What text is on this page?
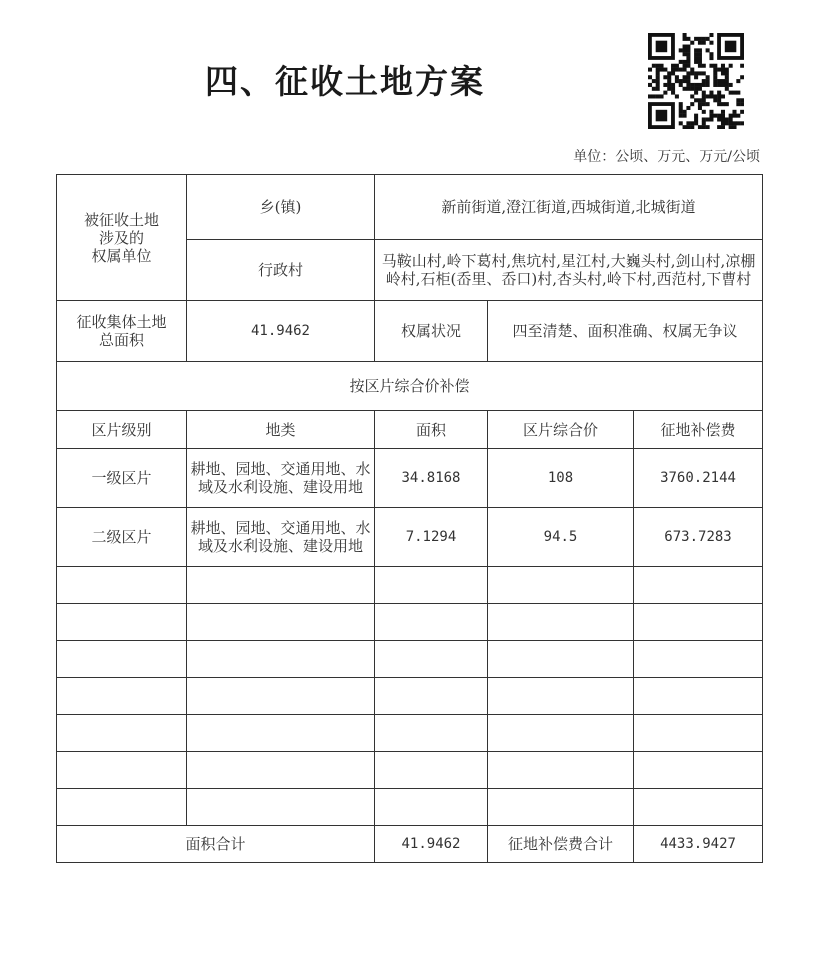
四、征收土地方案
单位：公顷、万元、万元/公顷
被征收土地
涉及的
权属单位	乡(镇)	新前街道,澄江街道,西城街道,北城街道		
	行政村	马鞍山村,岭下葛村,焦坑村,星江村,大巍头村,剑山村,凉棚岭村,石柜(岙里、岙口)村,杏头村,岭下村,西范村,下曹村		
征收集体土地
总面积	41.9462	权属状况	四至清楚、面积准确、权属无争议	
按区片综合价补偿				
区片级别	地类	面积	区片综合价	征地补偿费
一级区片	耕地、园地、交通用地、水域及水利设施、建设用地	34.8168	108	3760.2144
二级区片	耕地、园地、交通用地、水域及水利设施、建设用地	7.1294	94.5	673.7283

面积合计		41.9462	征地补偿费合计	4433.9427
